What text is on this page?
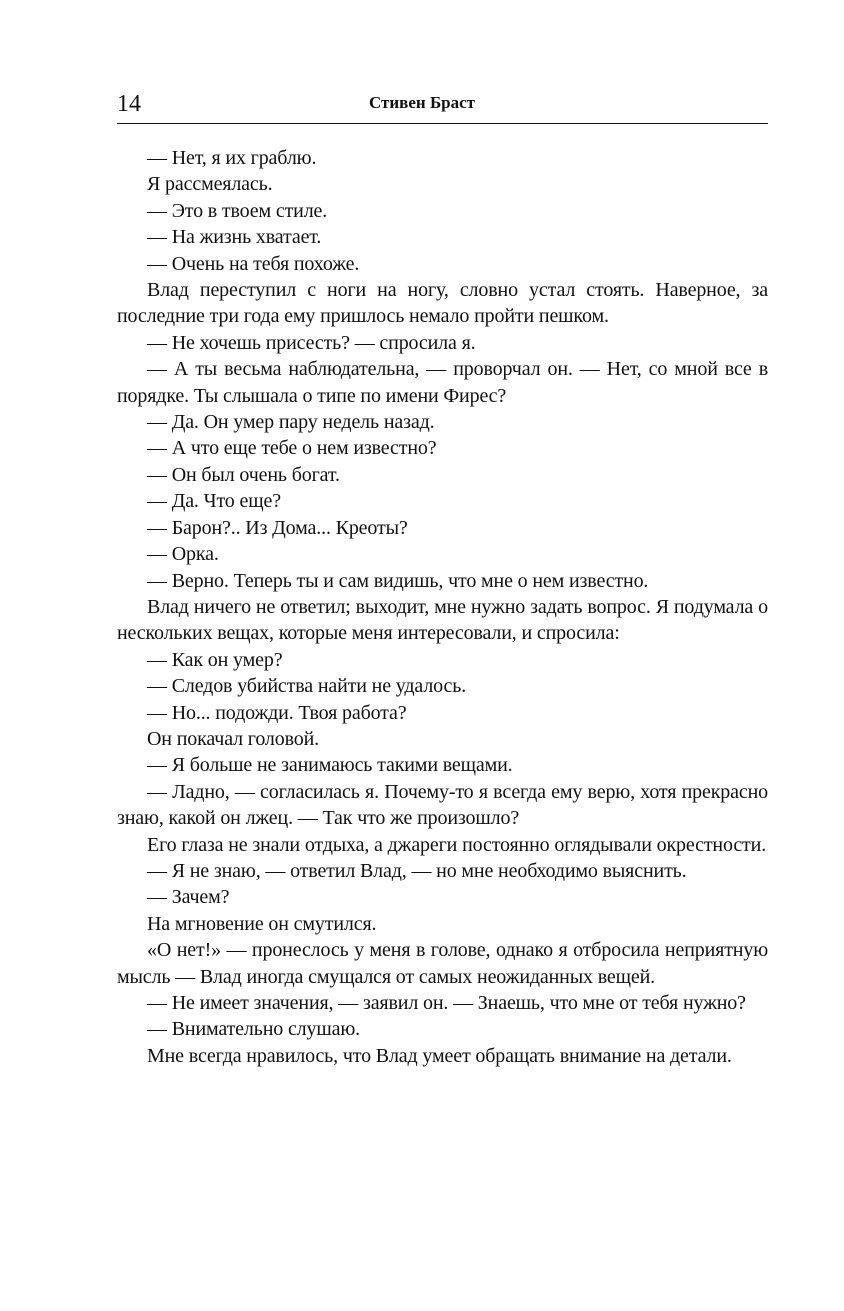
14	Стивен Браст

— Нет, я их граблю.

Я рассмеялась.

— Это в твоем стиле.

— На жизнь хватает.

— Очень на тебя похоже.

Влад переступил с ноги на ногу, словно устал стоять. Наверное, за последние три года ему пришлось немало пройти пешком.

— Не хочешь присесть? — спросила я.

— А ты весьма наблюдательна, — проворчал он. — Нет, со мной все в порядке. Ты слышала о типе по имени Фирес?

— Да. Он умер пару недель назад.

— А что еще тебе о нем известно?

— Он был очень богат.

— Да. Что еще?

— Барон?.. Из Дома... Креоты?

— Орка.

— Верно. Теперь ты и сам видишь, что мне о нем известно.

Влад ничего не ответил; выходит, мне нужно задать вопрос. Я подумала о нескольких вещах, которые меня интересовали, и спросила:

— Как он умер?

— Следов убийства найти не удалось.

— Но... подожди. Твоя работа?

Он покачал головой.

— Я больше не занимаюсь такими вещами.

— Ладно, — согласилась я. Почему-то я всегда ему верю, хотя прекрасно знаю, какой он лжец. — Так что же произошло?

Его глаза не знали отдыха, а джареги постоянно оглядывали окрестности.

— Я не знаю, — ответил Влад, — но мне необходимо выяснить.

— Зачем?

На мгновение он смутился.

«О нет!» — пронеслось у меня в голове, однако я отбросила неприятную мысль — Влад иногда смущался от самых неожиданных вещей.

— Не имеет значения, — заявил он. — Знаешь, что мне от тебя нужно?

— Внимательно слушаю.

Мне всегда нравилось, что Влад умеет обращать внимание на детали.
